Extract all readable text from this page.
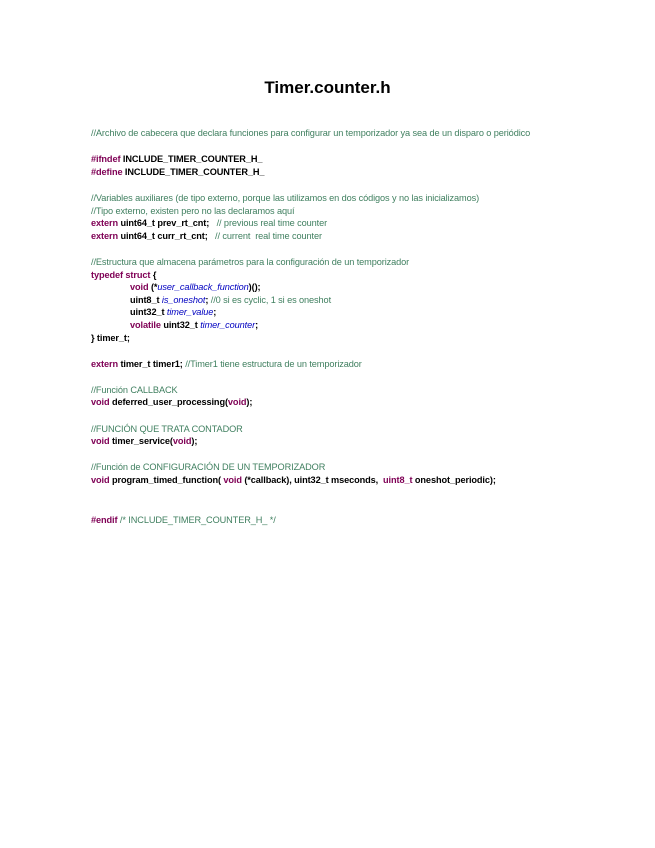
Timer.counter.h
//Archivo de cabecera que declara funciones para configurar un temporizador ya sea de un disparo o periódico
#ifndef INCLUDE_TIMER_COUNTER_H_
#define INCLUDE_TIMER_COUNTER_H_
//Variables auxiliares (de tipo externo, porque las utilizamos en dos códigos y no las inicializamos)
//Tipo externo, existen pero no las declaramos aquí
extern uint64_t prev_rt_cnt; // previous real time counter
extern uint64_t curr_rt_cnt; // current  real time counter
//Estructura que almacena parámetros para la configuración de un temporizador
typedef struct {
void (*user_callback_function)();
uint8_t is_oneshot; //0 si es cyclic, 1 si es oneshot
uint32_t timer_value;
volatile uint32_t timer_counter;
} timer_t;
extern timer_t timer1; //Timer1 tiene estructura de un temporizador
//Función CALLBACK
void deferred_user_processing(void);
//FUNCIÓN QUE TRATA CONTADOR
void timer_service(void);
//Función de CONFIGURACIÓN DE UN TEMPORIZADOR
void program_timed_function( void (*callback), uint32_t mseconds, uint8_t oneshot_periodic);
#endif /* INCLUDE_TIMER_COUNTER_H_ */
